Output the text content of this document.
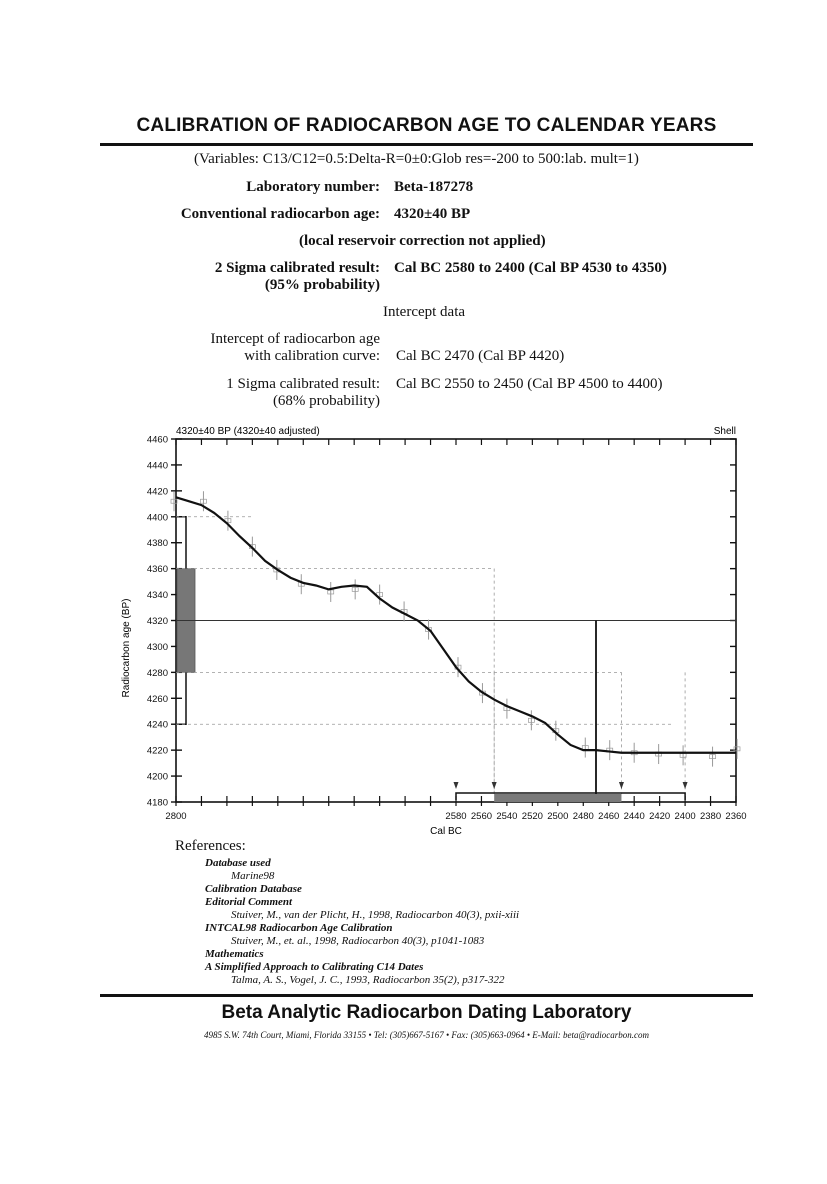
CALIBRATION OF RADIOCARBON AGE TO CALENDAR YEARS
(Variables: C13/C12=0.5:Delta-R=0±0:Glob res=-200 to 500:lab. mult=1)
Laboratory number: Beta-187278
Conventional radiocarbon age: 4320±40 BP
(local reservoir correction not applied)
2 Sigma calibrated result:
(95% probability)
Cal BC 2580 to 2400 (Cal BP 4530 to 4350)
Intercept data
Intercept of radiocarbon age
with calibration curve: Cal BC 2470 (Cal BP 4420)
1 Sigma calibrated result:
(68% probability)
Cal BC 2550 to 2450 (Cal BP 4500 to 4400)
4460
4440
4420
4400
4380
4360
4340
4320
4300
4280
4260
4240
4220
4200
4180
2800	2580 2560 2540 2520 2500 2480 2460 2440 2420 2400 2380 2360
4320±40 BP (4320±40 adjusted)	Shell
Cal BC
Radiocarbon age (BP)
References:
Database used
Marine98
Calibration Database
Editorial Comment
Stuiver, M., van der Plicht, H., 1998, Radiocarbon 40(3), pxii-xiii
INTCAL98 Radiocarbon Age Calibration
Stuiver, M., et. al., 1998, Radiocarbon 40(3), p1041-1083
Mathematics
A Simplified Approach to Calibrating C14 Dates
Talma, A. S., Vogel, J. C., 1993, Radiocarbon 35(2), p317-322
Beta Analytic Radiocarbon Dating Laboratory
4985 S.W. 74th Court, Miami, Florida 33155 • Tel: (305)667-5167 • Fax: (305)663-0964 • E-Mail: beta@radiocarbon.com
